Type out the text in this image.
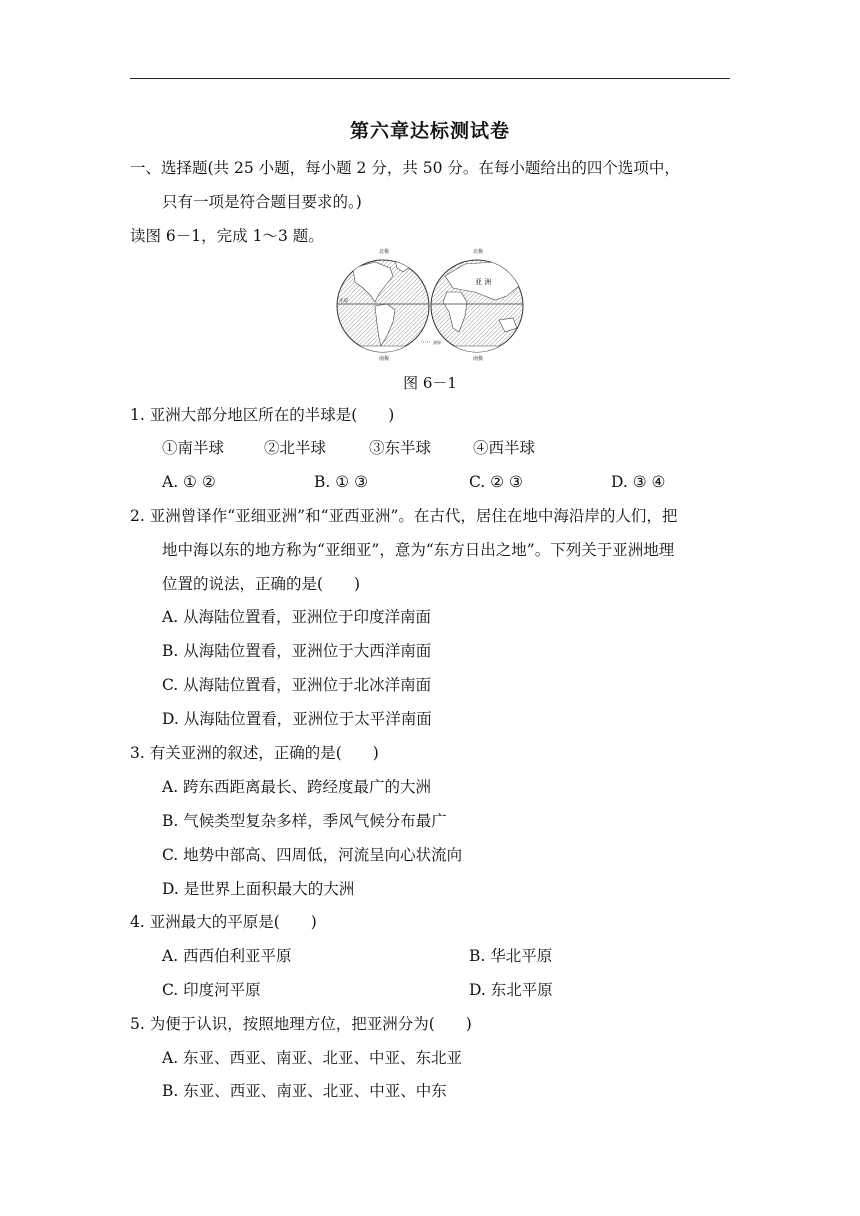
第六章达标测试卷
一、选择题(共 25 小题，每小题 2 分，共 50 分。在每小题给出的四个选项中，
只有一项是符合题目要求的。)
读图 6－1，完成 1～3 题。
北极	北极
南极	南极
赤道
亚 洲
洲界
图 6－1
1. 亚洲大部分地区所在的半球是(　　)
①南半球	②北半球	③东半球	④西半球
A. ① ②	B. ① ③	C. ② ③	D. ③ ④
2. 亚洲曾译作“亚细亚洲”和“亚西亚洲”。在古代，居住在地中海沿岸的人们，把
地中海以东的地方称为“亚细亚”，意为“东方日出之地”。下列关于亚洲地理
位置的说法，正确的是(　　)
A. 从海陆位置看，亚洲位于印度洋南面
B. 从海陆位置看，亚洲位于大西洋南面
C. 从海陆位置看，亚洲位于北冰洋南面
D. 从海陆位置看，亚洲位于太平洋南面
3. 有关亚洲的叙述，正确的是(　　)
A. 跨东西距离最长、跨经度最广的大洲
B. 气候类型复杂多样，季风气候分布最广
C. 地势中部高、四周低，河流呈向心状流向
D. 是世界上面积最大的大洲
4. 亚洲最大的平原是(　　)
A. 西西伯利亚平原	B. 华北平原
C. 印度河平原	D. 东北平原
5. 为便于认识，按照地理方位，把亚洲分为(　　)
A. 东亚、西亚、南亚、北亚、中亚、东北亚
B. 东亚、西亚、南亚、北亚、中亚、中东
